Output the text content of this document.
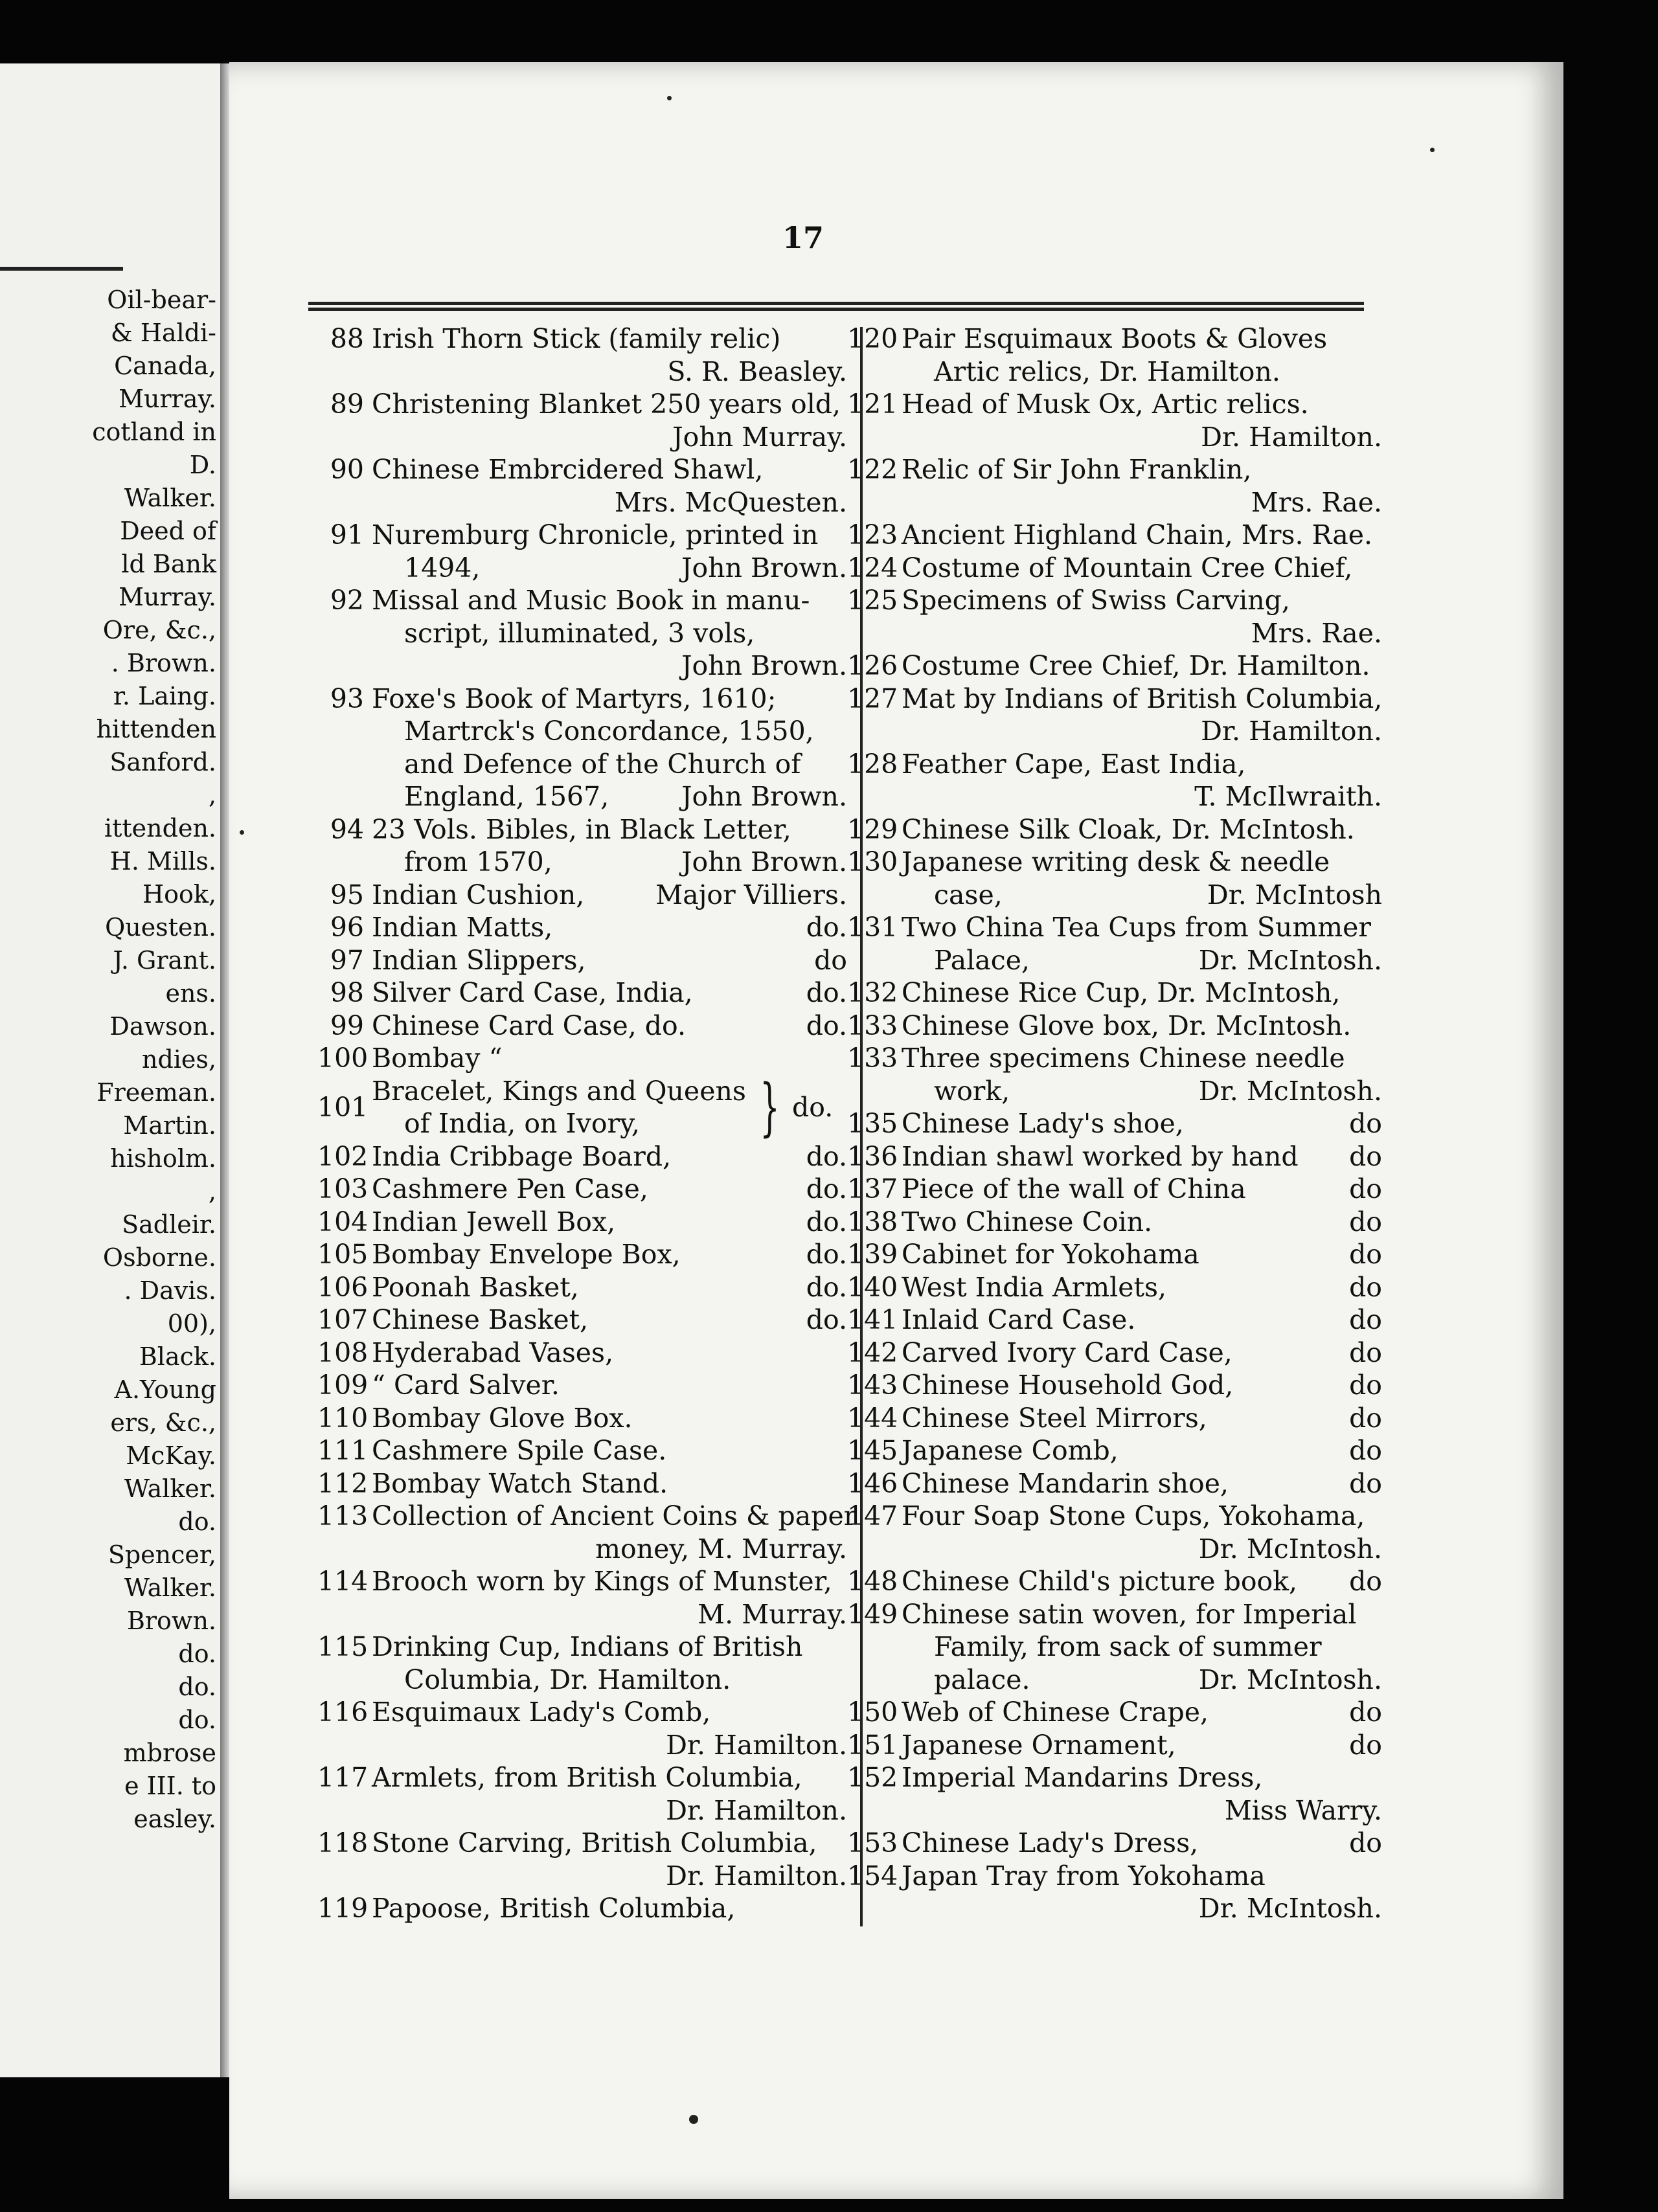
Oil-bear-
& Haldi-
Canada,
Murray.
cotland in
D.
Walker.
Deed of
ld Bank
Murray.
Ore, &c.,
. Brown.
r. Laing.
hittenden
Sanford.
,
ittenden.
H. Mills.
Hook,
Questen.
J. Grant.
ens.
Dawson.
ndies,
Freeman.
Martin.
hisholm.
,
Sadleir.
Osborne.
. Davis.
00),
Black.
A.Young
ers, &c.,
McKay.
Walker.
do.
Spencer,
Walker.
Brown.
do.
do.
do.
mbrose
e III. to
easley.
17
88 Irish Thorn Stick (family relic)
S. R. Beasley.
89 Christening Blanket 250 years old,
John Murray.
90 Chinese Embrcidered Shawl,
Mrs. McQuesten.
91 Nuremburg Chronicle, printed in
1494,	John Brown.
92 Missal and Music Book in manu-
script, illuminated, 3 vols,
John Brown.
93 Foxe's Book of Martyrs, 1610;
Martrck's Concordance, 1550,
and Defence of the Church of
England, 1567,	John Brown.
94 23 Vols. Bibles, in Black Letter,
from 1570,	John Brown.
95 Indian Cushion,	Major Villiers.
96 Indian Matts,	do.
97 Indian Slippers,	do
98 Silver Card Case, India,	do.
99 Chinese Card Case, do.	do.
100 Bombay “
101
Bracelet, Kings and Queens
of India, on Ivory,	} do.
102 India Cribbage Board,	do.
103 Cashmere Pen Case,	do.
104 Indian Jewell Box,	do.
105 Bombay Envelope Box,	do.
106 Poonah Basket,	do.
107 Chinese Basket,	do.
108 Hyderabad Vases,
109 “ Card Salver.
110 Bombay Glove Box.
111 Cashmere Spile Case.
112 Bombay Watch Stand.
113 Collection of Ancient Coins & paper
money, M. Murray.
114 Brooch worn by Kings of Munster,
M. Murray.
115 Drinking Cup, Indians of British
Columbia, Dr. Hamilton.
116 Esquimaux Lady's Comb,
Dr. Hamilton.
117 Armlets, from British Columbia,
Dr. Hamilton.
118 Stone Carving, British Columbia,
Dr. Hamilton.
119 Papoose, British Columbia,
120 Pair Esquimaux Boots & Gloves
Artic relics, Dr. Hamilton.
121 Head of Musk Ox, Artic relics.
Dr. Hamilton.
122 Relic of Sir John Franklin,
Mrs. Rae.
123 Ancient Highland Chain, Mrs. Rae.
124 Costume of Mountain Cree Chief,
125 Specimens of Swiss Carving,
Mrs. Rae.
126 Costume Cree Chief, Dr. Hamilton.
127 Mat by Indians of British Columbia,
Dr. Hamilton.
128 Feather Cape, East India,
T. McIlwraith.
129 Chinese Silk Cloak, Dr. McIntosh.
130 Japanese writing desk & needle
case,	Dr. McIntosh
131 Two China Tea Cups from Summer
Palace,	Dr. McIntosh.
132 Chinese Rice Cup, Dr. McIntosh,
133 Chinese Glove box, Dr. McIntosh.
133 Three specimens Chinese needle
work,	Dr. McIntosh.
135 Chinese Lady's shoe,	do
136 Indian shawl worked by hand	do
137 Piece of the wall of China	do
138 Two Chinese Coin.	do
139 Cabinet for Yokohama	do
140 West India Armlets,	do
141 Inlaid Card Case.	do
142 Carved Ivory Card Case,	do
143 Chinese Household God,	do
144 Chinese Steel Mirrors,	do
145 Japanese Comb,	do
146 Chinese Mandarin shoe,	do
147 Four Soap Stone Cups, Yokohama,
Dr. McIntosh.
148 Chinese Child's picture book,	do
149 Chinese satin woven, for Imperial
Family, from sack of summer
palace.	Dr. McIntosh.
150 Web of Chinese Crape,	do
151 Japanese Ornament,	do
152 Imperial Mandarins Dress,
Miss Warry.
153 Chinese Lady's Dress,	do
154 Japan Tray from Yokohama
Dr. McIntosh.
